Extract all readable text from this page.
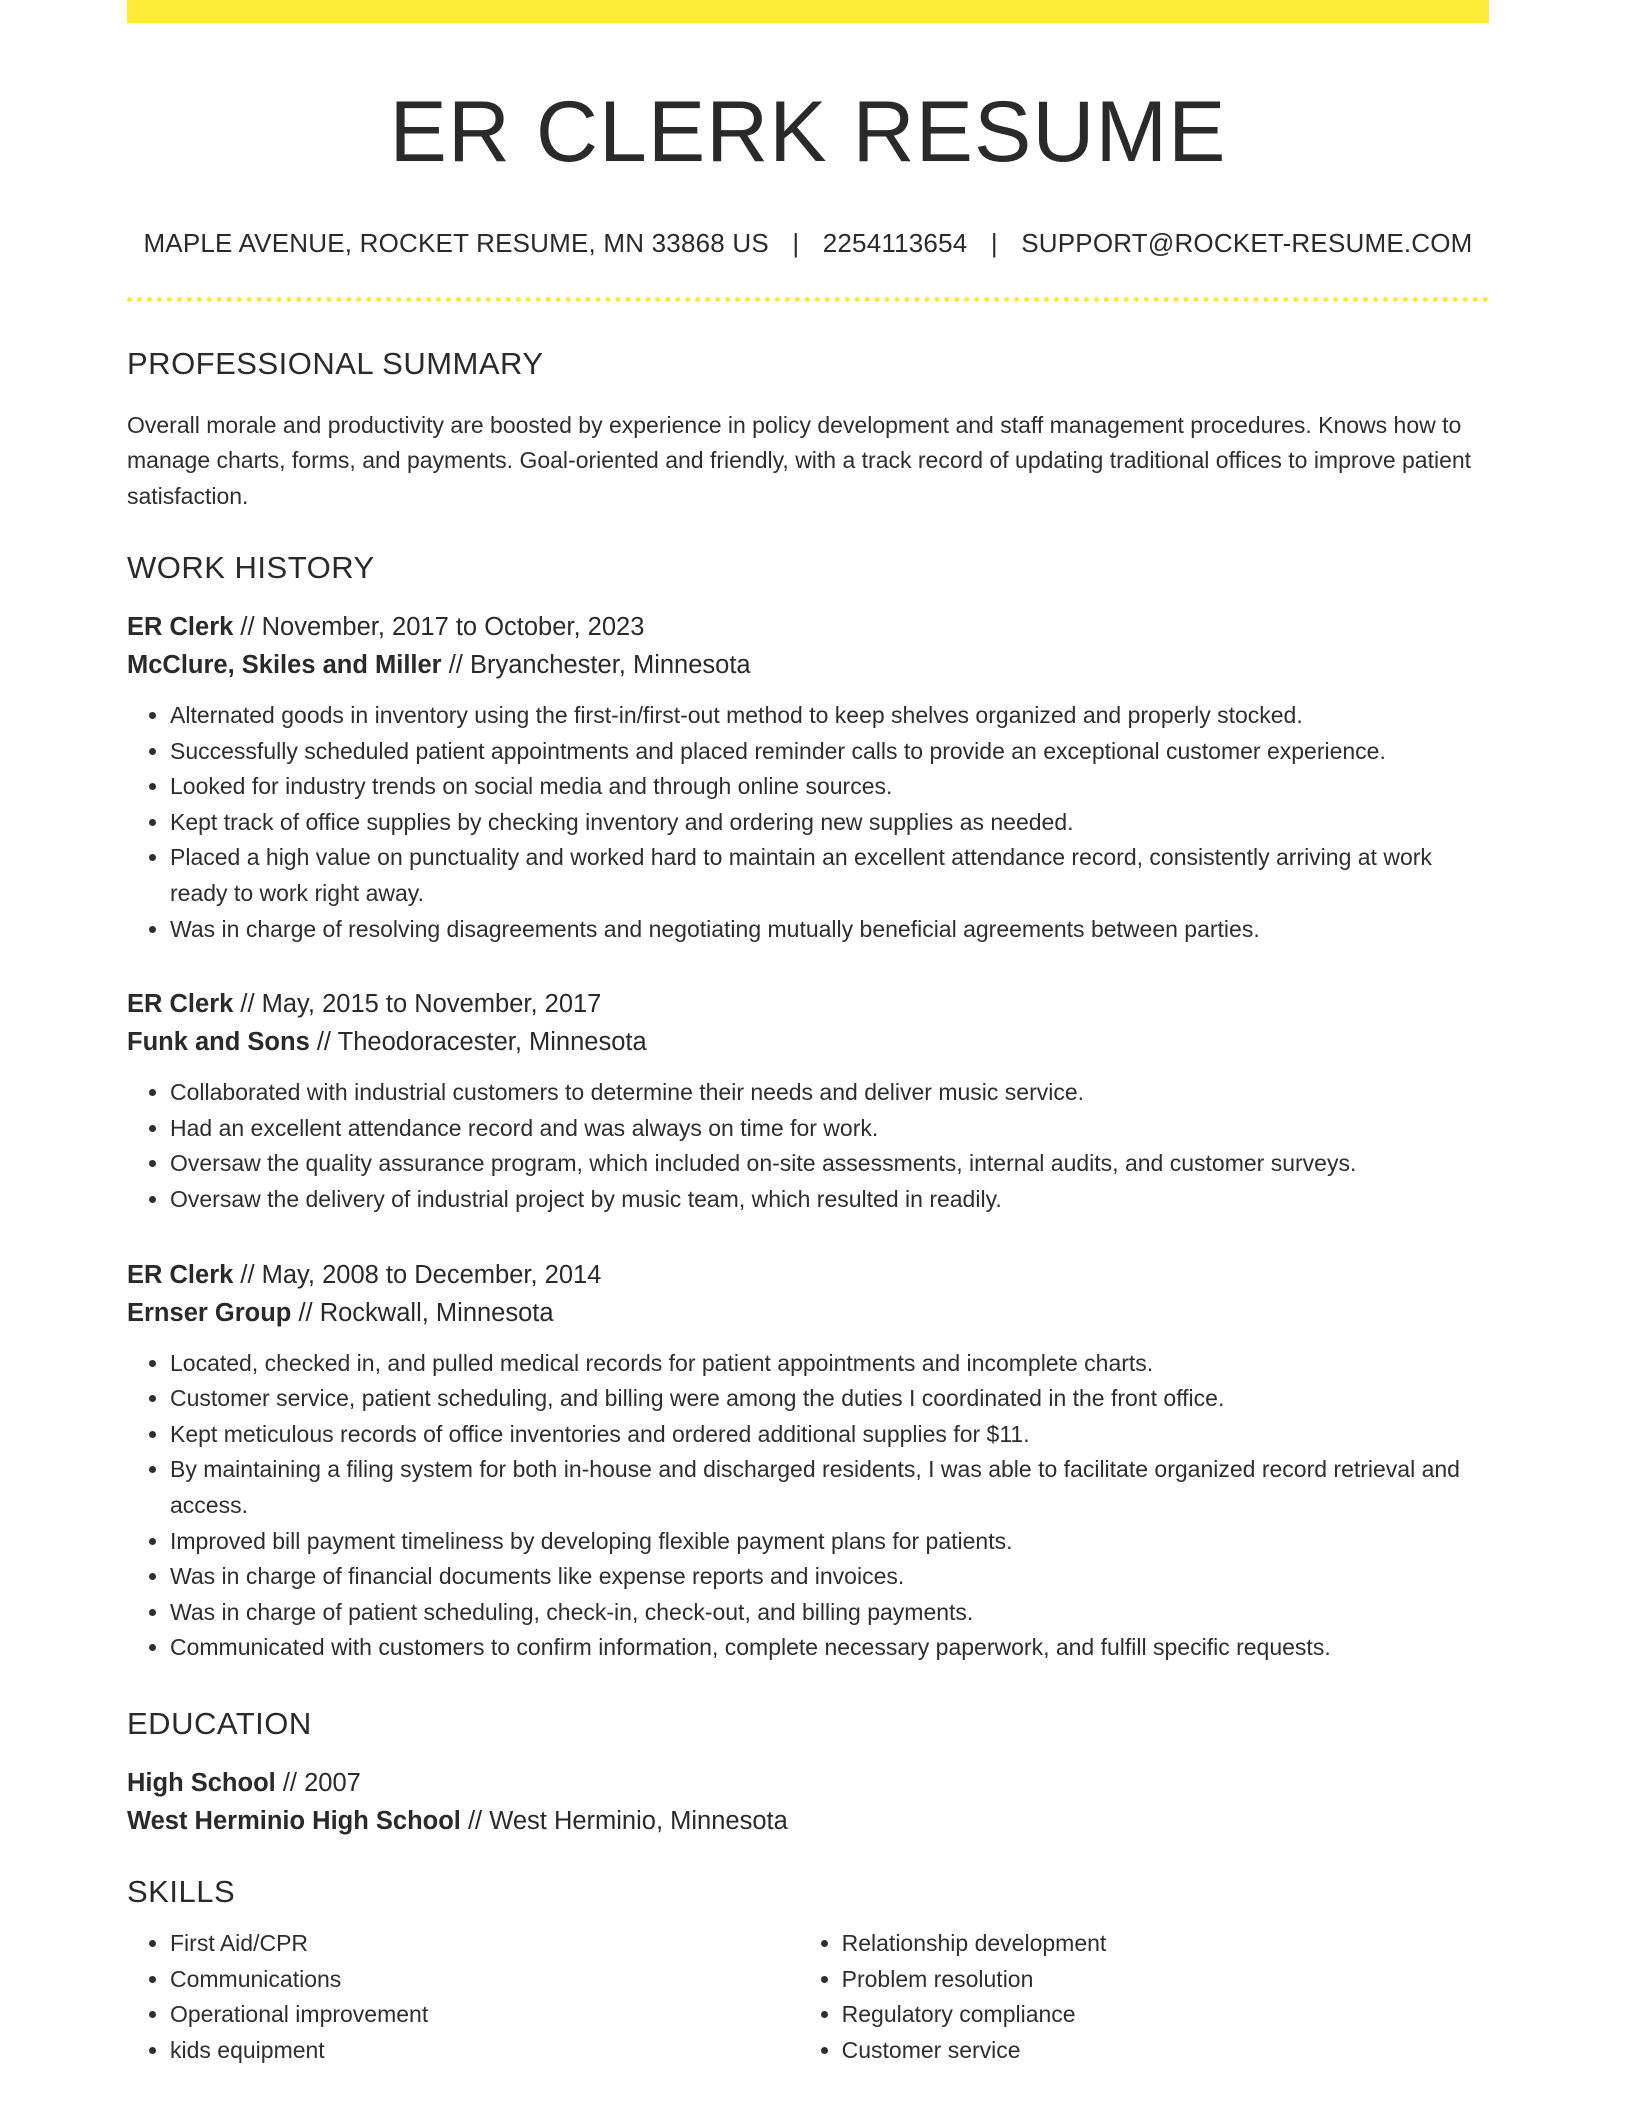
ER CLERK RESUME
MAPLE AVENUE, ROCKET RESUME, MN 33868 US | 2254113654 | SUPPORT@ROCKET-RESUME.COM
PROFESSIONAL SUMMARY
Overall morale and productivity are boosted by experience in policy development and staff management procedures. Knows how to manage charts, forms, and payments. Goal-oriented and friendly, with a track record of updating traditional offices to improve patient satisfaction.
WORK HISTORY
ER Clerk // November, 2017 to October, 2023
McClure, Skiles and Miller // Bryanchester, Minnesota
• Alternated goods in inventory using the first-in/first-out method to keep shelves organized and properly stocked.
• Successfully scheduled patient appointments and placed reminder calls to provide an exceptional customer experience.
• Looked for industry trends on social media and through online sources.
• Kept track of office supplies by checking inventory and ordering new supplies as needed.
• Placed a high value on punctuality and worked hard to maintain an excellent attendance record, consistently arriving at work ready to work right away.
• Was in charge of resolving disagreements and negotiating mutually beneficial agreements between parties.
ER Clerk // May, 2015 to November, 2017
Funk and Sons // Theodoracester, Minnesota
• Collaborated with industrial customers to determine their needs and deliver music service.
• Had an excellent attendance record and was always on time for work.
• Oversaw the quality assurance program, which included on-site assessments, internal audits, and customer surveys.
• Oversaw the delivery of industrial project by music team, which resulted in readily.
ER Clerk // May, 2008 to December, 2014
Ernser Group // Rockwall, Minnesota
• Located, checked in, and pulled medical records for patient appointments and incomplete charts.
• Customer service, patient scheduling, and billing were among the duties I coordinated in the front office.
• Kept meticulous records of office inventories and ordered additional supplies for $11.
• By maintaining a filing system for both in-house and discharged residents, I was able to facilitate organized record retrieval and access.
• Improved bill payment timeliness by developing flexible payment plans for patients.
• Was in charge of financial documents like expense reports and invoices.
• Was in charge of patient scheduling, check-in, check-out, and billing payments.
• Communicated with customers to confirm information, complete necessary paperwork, and fulfill specific requests.
EDUCATION
High School // 2007
West Herminio High School // West Herminio, Minnesota
SKILLS
• First Aid/CPR
• Communications
• Operational improvement
• kids equipment
• Relationship development
• Problem resolution
• Regulatory compliance
• Customer service
